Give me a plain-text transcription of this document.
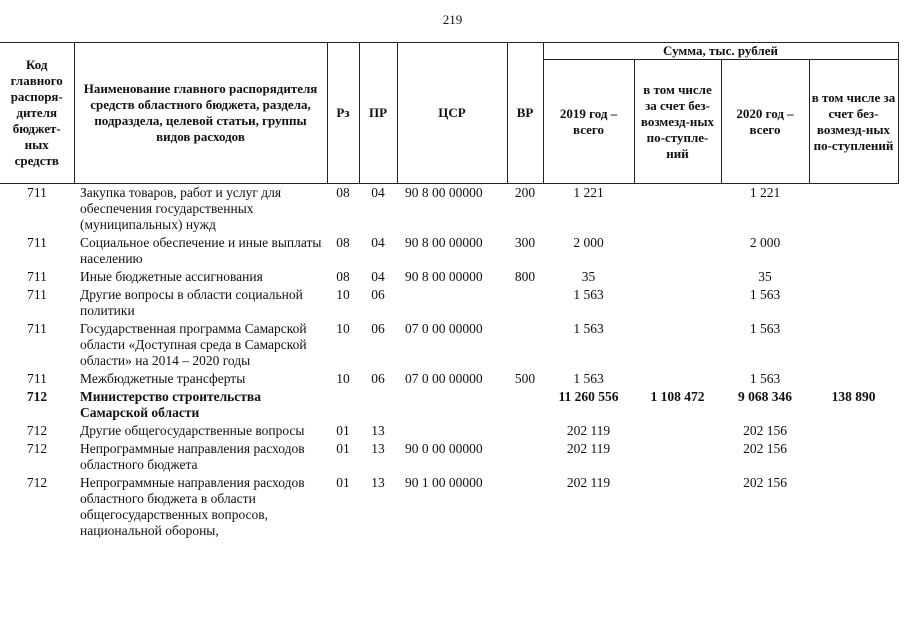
219
Код главного распоря-дителя бюджет-ных средств	Наименование главного распорядителя средств областного бюджета, раздела, подраздела, целевой статьи, группы видов расходов	Рз	ПР	ЦСР	ВР	Сумма, тыс. рублей			
						2019 год – всего	в том числе за счет без-возмезд-ных по-ступле-ний	2020 год – всего	в том числе за счет без-возмезд-ных по-ступлений
711	Закупка товаров, работ и услуг для обеспечения государственных (муниципальных) нужд	08	04	90 8 00 00000	200	1 221		1 221	
711	Социальное обеспечение и иные выплаты населению	08	04	90 8 00 00000	300	2 000		2 000	
711	Иные бюджетные ассигнования	08	04	90 8 00 00000	800	35		35	
711	Другие вопросы в области социальной политики	10	06			1 563		1 563	
711	Государственная программа Самарской области «Доступная среда в Самарской области» на 2014 – 2020 годы	10	06	07 0 00 00000		1 563		1 563	
711	Межбюджетные трансферты	10	06	07 0 00 00000	500	1 563		1 563	
712	Министерство строительства Самарской области					11 260 556	1 108 472	9 068 346	138 890
712	Другие общегосударственные вопросы	01	13			202 119		202 156	
712	Непрограммные направления расходов областного бюджета	01	13	90 0 00 00000		202 119		202 156	
712	Непрограммные направления расходов областного бюджета в области общегосударственных вопросов, национальной обороны,	01	13	90 1 00 00000		202 119		202 156	
